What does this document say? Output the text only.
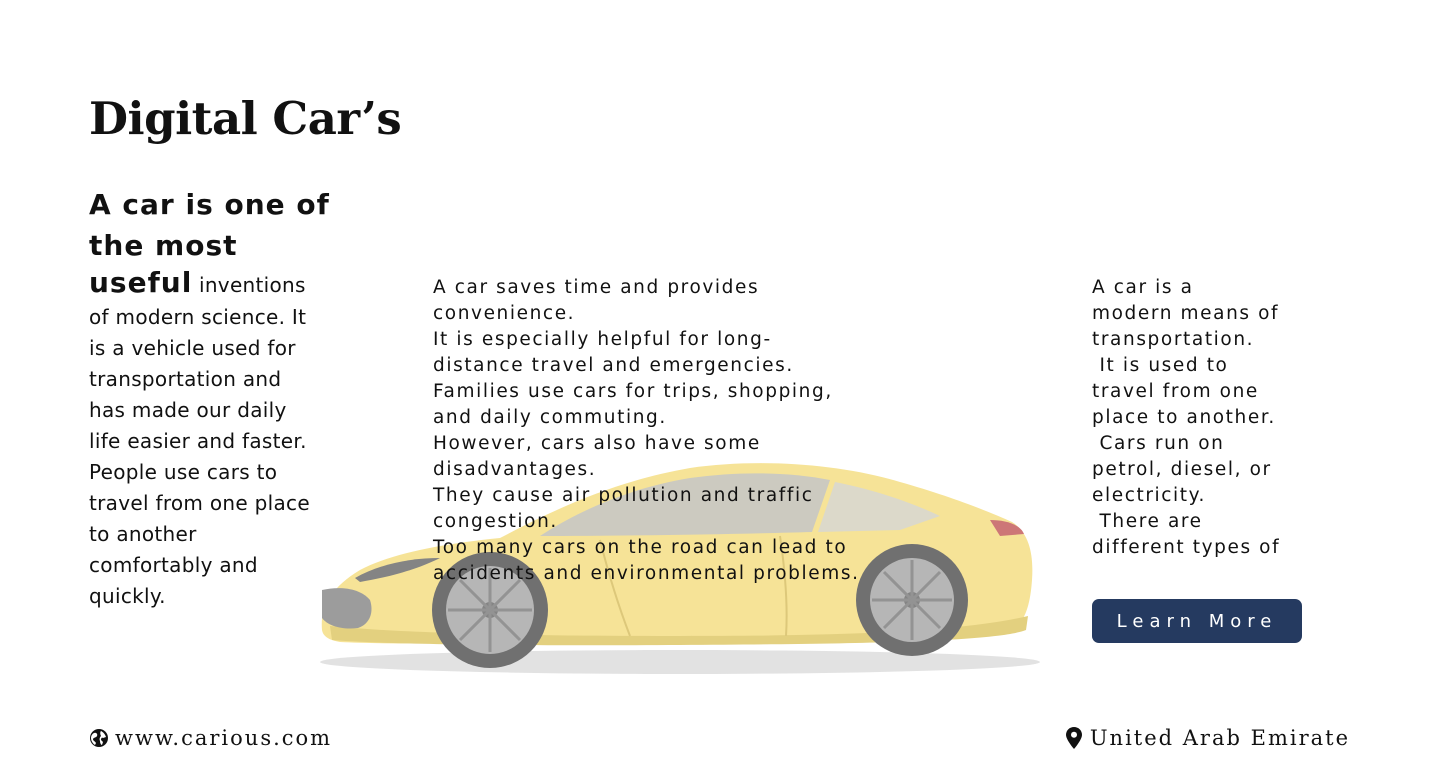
Digital Car’s
A car is one of
the most
useful inventions
of modern science. It
is a vehicle used for
transportation and
has made our daily
life easier and faster.
People use cars to
travel from one place
to another
comfortably and
quickly.
A car saves time and provides
convenience.
It is especially helpful for long-
distance travel and emergencies.
Families use cars for trips, shopping,
and daily commuting.
However, cars also have some
disadvantages.
They cause air pollution and traffic
congestion.
Too many cars on the road can lead to
accidents and environmental problems.
A car is a
modern means of
transportation.
It is used to
travel from one
place to another.
Cars run on
petrol, diesel, or
electricity.
There are
different types of
Learn More
www.carious.com	United Arab Emirate
